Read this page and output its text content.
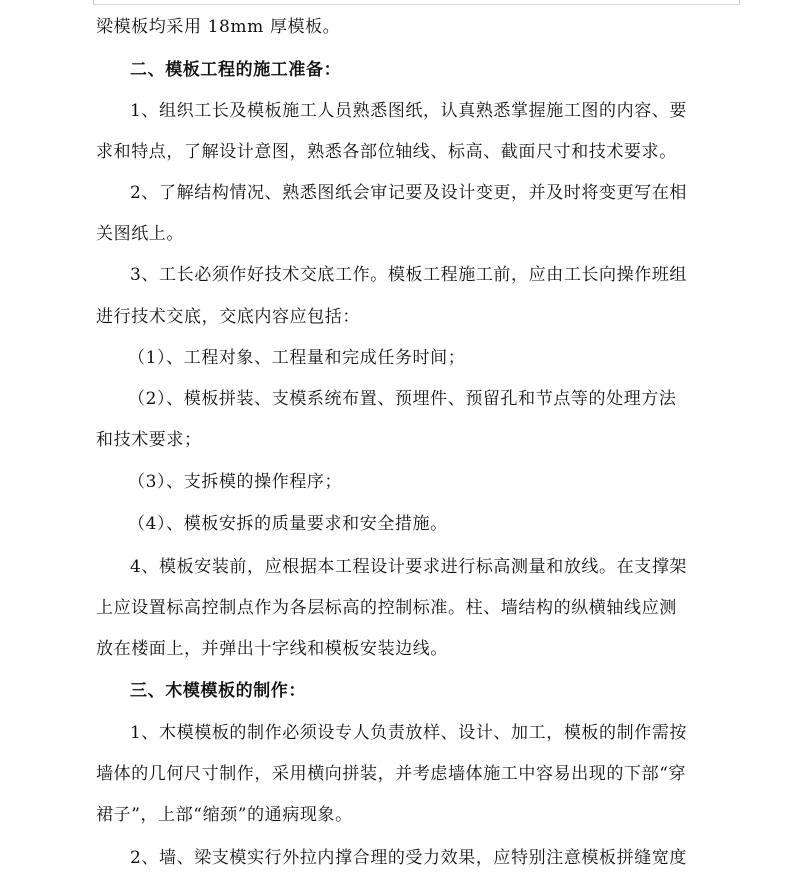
梁模板均采用 18mm 厚模板。
二、模板工程的施工准备：
1、组织工长及模板施工人员熟悉图纸，认真熟悉掌握施工图的内容、要
求和特点，了解设计意图，熟悉各部位轴线、标高、截面尺寸和技术要求。
2、了解结构情况、熟悉图纸会审记要及设计变更，并及时将变更写在相
关图纸上。
3、工长必须作好技术交底工作。模板工程施工前，应由工长向操作班组
进行技术交底，交底内容应包括：
（1）、工程对象、工程量和完成任务时间；
（2）、模板拼装、支模系统布置、预埋件、预留孔和节点等的处理方法
和技术要求；
（3）、支拆模的操作程序；
（4）、模板安拆的质量要求和安全措施。
4、模板安装前，应根据本工程设计要求进行标高测量和放线。在支撑架
上应设置标高控制点作为各层标高的控制标准。柱、墙结构的纵横轴线应测
放在楼面上，并弹出十字线和模板安装边线。
三、木模模板的制作：
1、木模模板的制作必须设专人负责放样、设计、加工，模板的制作需按
墙体的几何尺寸制作，采用横向拼装，并考虑墙体施工中容易出现的下部“穿
裙子”，上部“缩颈”的通病现象。
2、墙、梁支模实行外拉内撑合理的受力效果，应特别注意模板拼缝宽度
